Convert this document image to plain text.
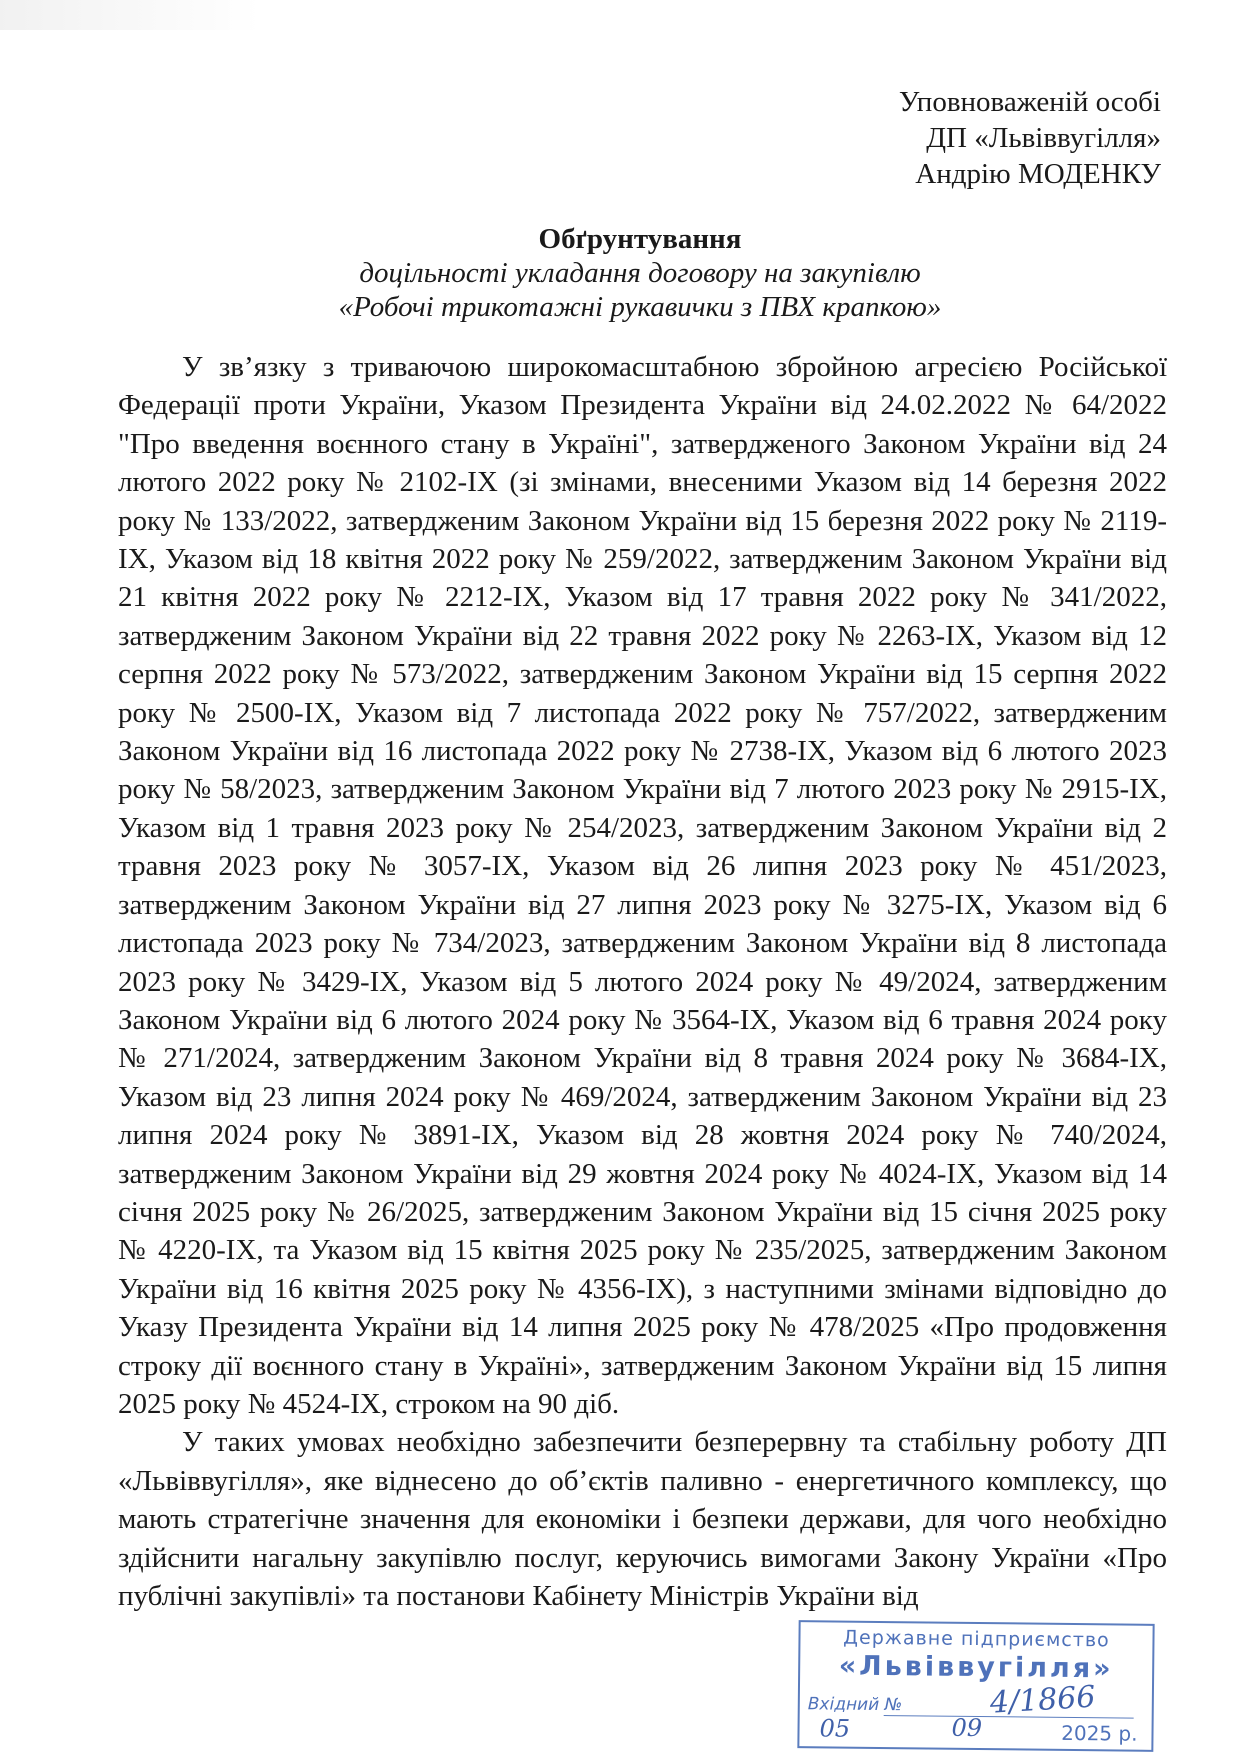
Уповноваженій особі
ДП «Львіввугілля»
Андрію МОДЕНКУ
Обґрунтування
доцільності укладання договору на закупівлю
«Робочі трикотажні рукавички з ПВХ крапкою»

У зв’язку з триваючою широкомасштабною збройною агресією Російської Федерації проти України, Указом Президента України від 24.02.2022 № 64/2022 "Про введення воєнного стану в Україні", затвердженого Законом України від 24 лютого 2022 року № 2102-IX (зі змінами, внесеними Указом від 14 березня 2022 року № 133/2022, затвердженим Законом України від 15 березня 2022 року № 2119-IX, Указом від 18 квітня 2022 року № 259/2022, затвердженим Законом України від 21 квітня 2022 року № 2212-IX, Указом від 17 травня 2022 року № 341/2022, затвердженим Законом України від 22 травня 2022 року № 2263-IX, Указом від 12 серпня 2022 року № 573/2022, затвердженим Законом України від 15 серпня 2022 року № 2500-IX, Указом від 7 листопада 2022 року № 757/2022, затвердженим Законом України від 16 листопада 2022 року № 2738-IX, Указом від 6 лютого 2023 року № 58/2023, затвердженим Законом України від 7 лютого 2023 року № 2915-IX, Указом від 1 травня 2023 року № 254/2023, затвердженим Законом України від 2 травня 2023 року № 3057-IX, Указом від 26 липня 2023 року № 451/2023, затвердженим Законом України від 27 липня 2023 року № 3275-IX, Указом від 6 листопада 2023 року № 734/2023, затвердженим Законом України від 8 листопада 2023 року № 3429-IX, Указом від 5 лютого 2024 року № 49/2024, затвердженим Законом України від 6 лютого 2024 року № 3564-IX, Указом від 6 травня 2024 року № 271/2024, затвердженим Законом України від 8 травня 2024 року № 3684-IX, Указом від 23 липня 2024 року № 469/2024, затвердженим Законом України від 23 липня 2024 року № 3891-IX, Указом від 28 жовтня 2024 року № 740/2024, затвердженим Законом України від 29 жовтня 2024 року № 4024-IX, Указом від 14 січня 2025 року № 26/2025, затвердженим Законом України від 15 січня 2025 року № 4220-IX, та Указом від 15 квітня 2025 року № 235/2025, затвердженим Законом України від 16 квітня 2025 року № 4356-IX), з наступними змінами відповідно до Указу Президента України від 14 липня 2025 року № 478/2025 «Про продовження строку дії воєнного стану в Україні», затвердженим Законом України від 15 липня 2025 року № 4524-IX, строком на 90 діб.

У таких умовах необхідно забезпечити безперервну та стабільну роботу ДП «Львіввугілля», яке віднесено до об’єктів паливно - енергетичного комплексу, що мають стратегічне значення для економіки і безпеки держави, для чого необхідно здійснити нагальну закупівлю послуг, керуючись вимогами Закону України «Про публічні закупівлі» та постанови Кабінету Міністрів України від

Державне підприємство
«Львіввугілля»
Вхідний №	4/1866
05	09	2025 р.
